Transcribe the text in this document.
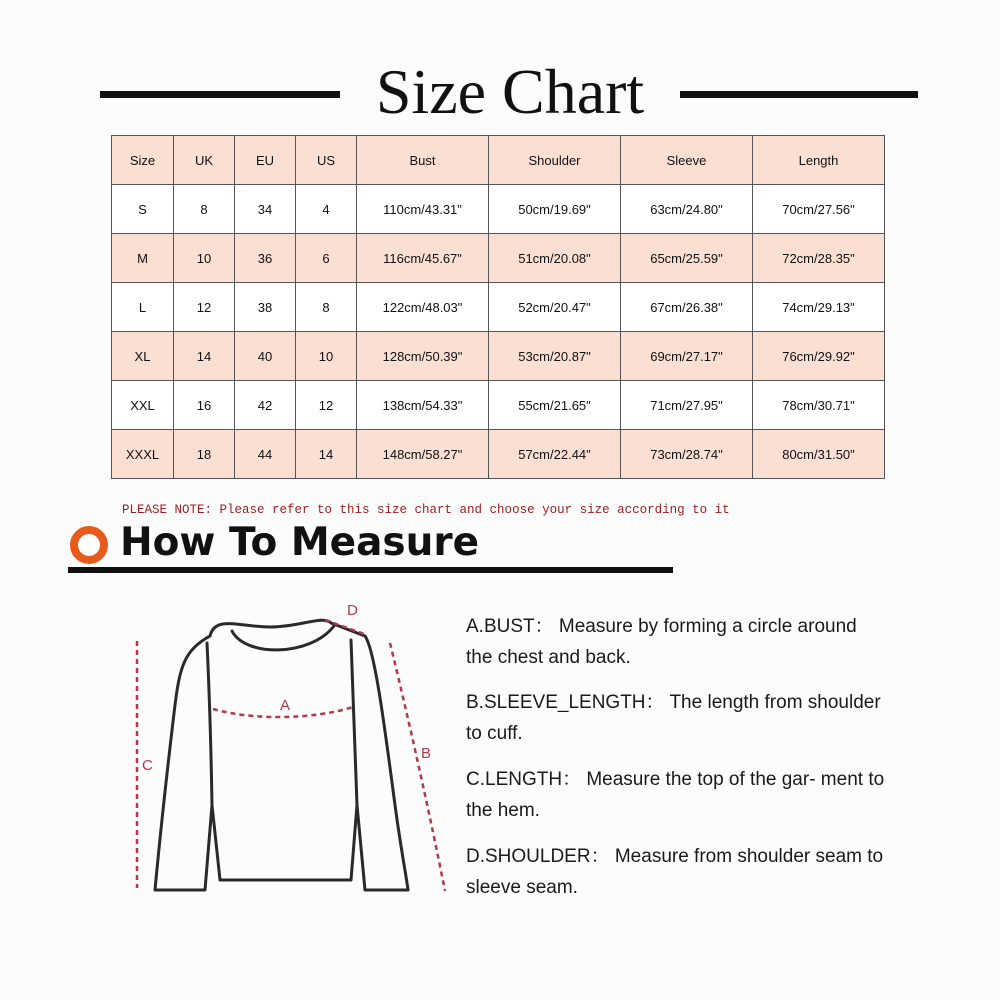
Size Chart
Size	UK	EU	US	Bust	Shoulder	Sleeve	Length
S	8	34	4	110cm/43.31"	50cm/19.69"	63cm/24.80"	70cm/27.56"
M	10	36	6	116cm/45.67"	51cm/20.08"	65cm/25.59"	72cm/28.35"
L	12	38	8	122cm/48.03"	52cm/20.47"	67cm/26.38"	74cm/29.13"
XL	14	40	10	128cm/50.39"	53cm/20.87"	69cm/27.17"	76cm/29.92"
XXL	16	42	12	138cm/54.33"	55cm/21.65"	71cm/27.95"	78cm/30.71"
XXXL	18	44	14	148cm/58.27"	57cm/22.44"	73cm/28.74"	80cm/31.50"
PLEASE NOTE: Please refer to this size chart and choose your size according to it
How To Measure
A
B
C
D
A.BUST： Measure by forming a circle around the chest and back.
B.SLEEVE_LENGTH： The length from shoulder to cuff.
C.LENGTH： Measure the top of the gar- ment to the hem.
D.SHOULDER： Measure from shoulder seam to sleeve seam.
